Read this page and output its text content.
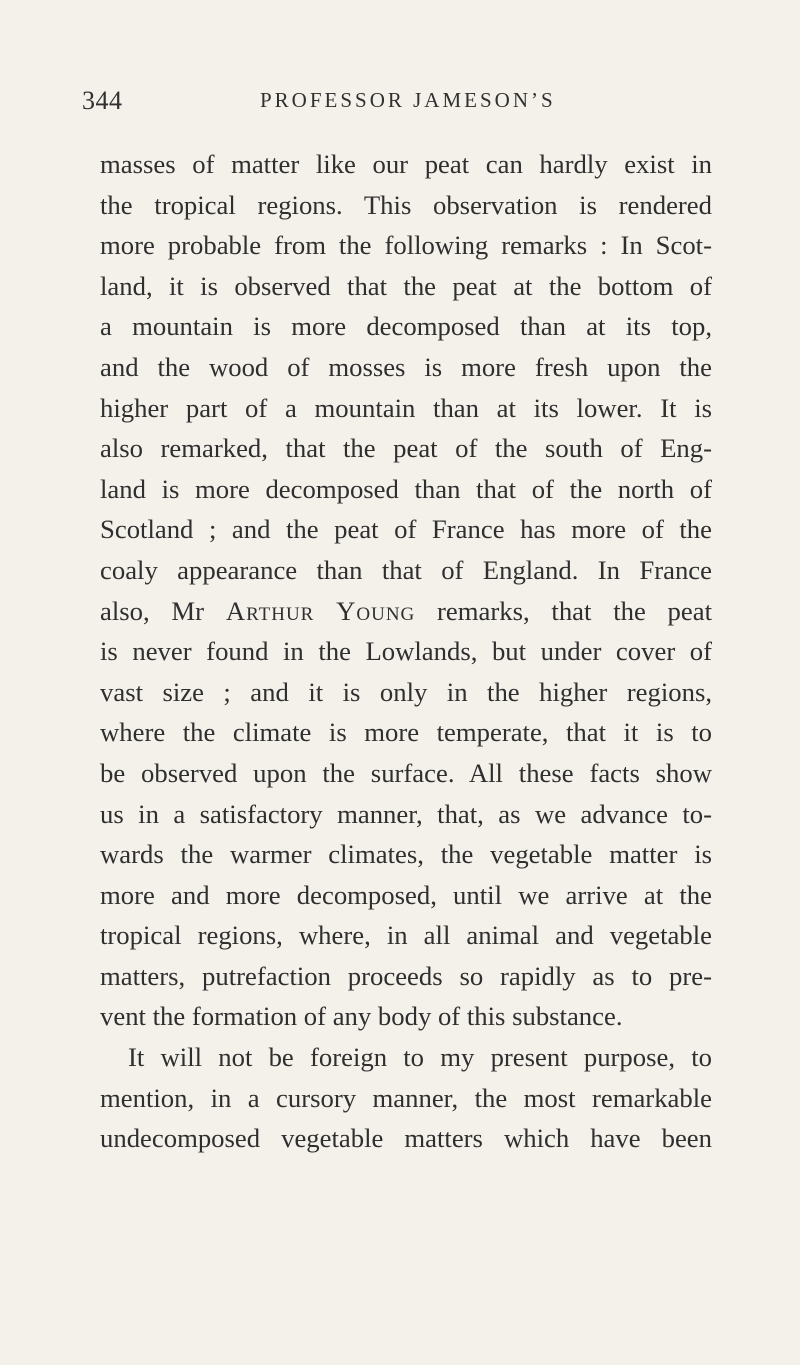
344	PROFESSOR JAMESON’S
masses of matter like our peat can hardly exist in
the tropical regions. This observation is rendered
more probable from the following remarks : In Scot-
land, it is observed that the peat at the bottom of
a mountain is more decomposed than at its top,
and the wood of mosses is more fresh upon the
higher part of a mountain than at its lower. It is
also remarked, that the peat of the south of Eng-
land is more decomposed than that of the north of
Scotland ; and the peat of France has more of the
coaly appearance than that of England. In France
also, Mr Arthur Young remarks, that the peat
is never found in the Lowlands, but under cover of
vast size ; and it is only in the higher regions,
where the climate is more temperate, that it is to
be observed upon the surface. All these facts show
us in a satisfactory manner, that, as we advance to-
wards the warmer climates, the vegetable matter is
more and more decomposed, until we arrive at the
tropical regions, where, in all animal and vegetable
matters, putrefaction proceeds so rapidly as to pre-
vent the formation of any body of this substance.
It will not be foreign to my present purpose, to
mention, in a cursory manner, the most remarkable
undecomposed vegetable matters which have been
